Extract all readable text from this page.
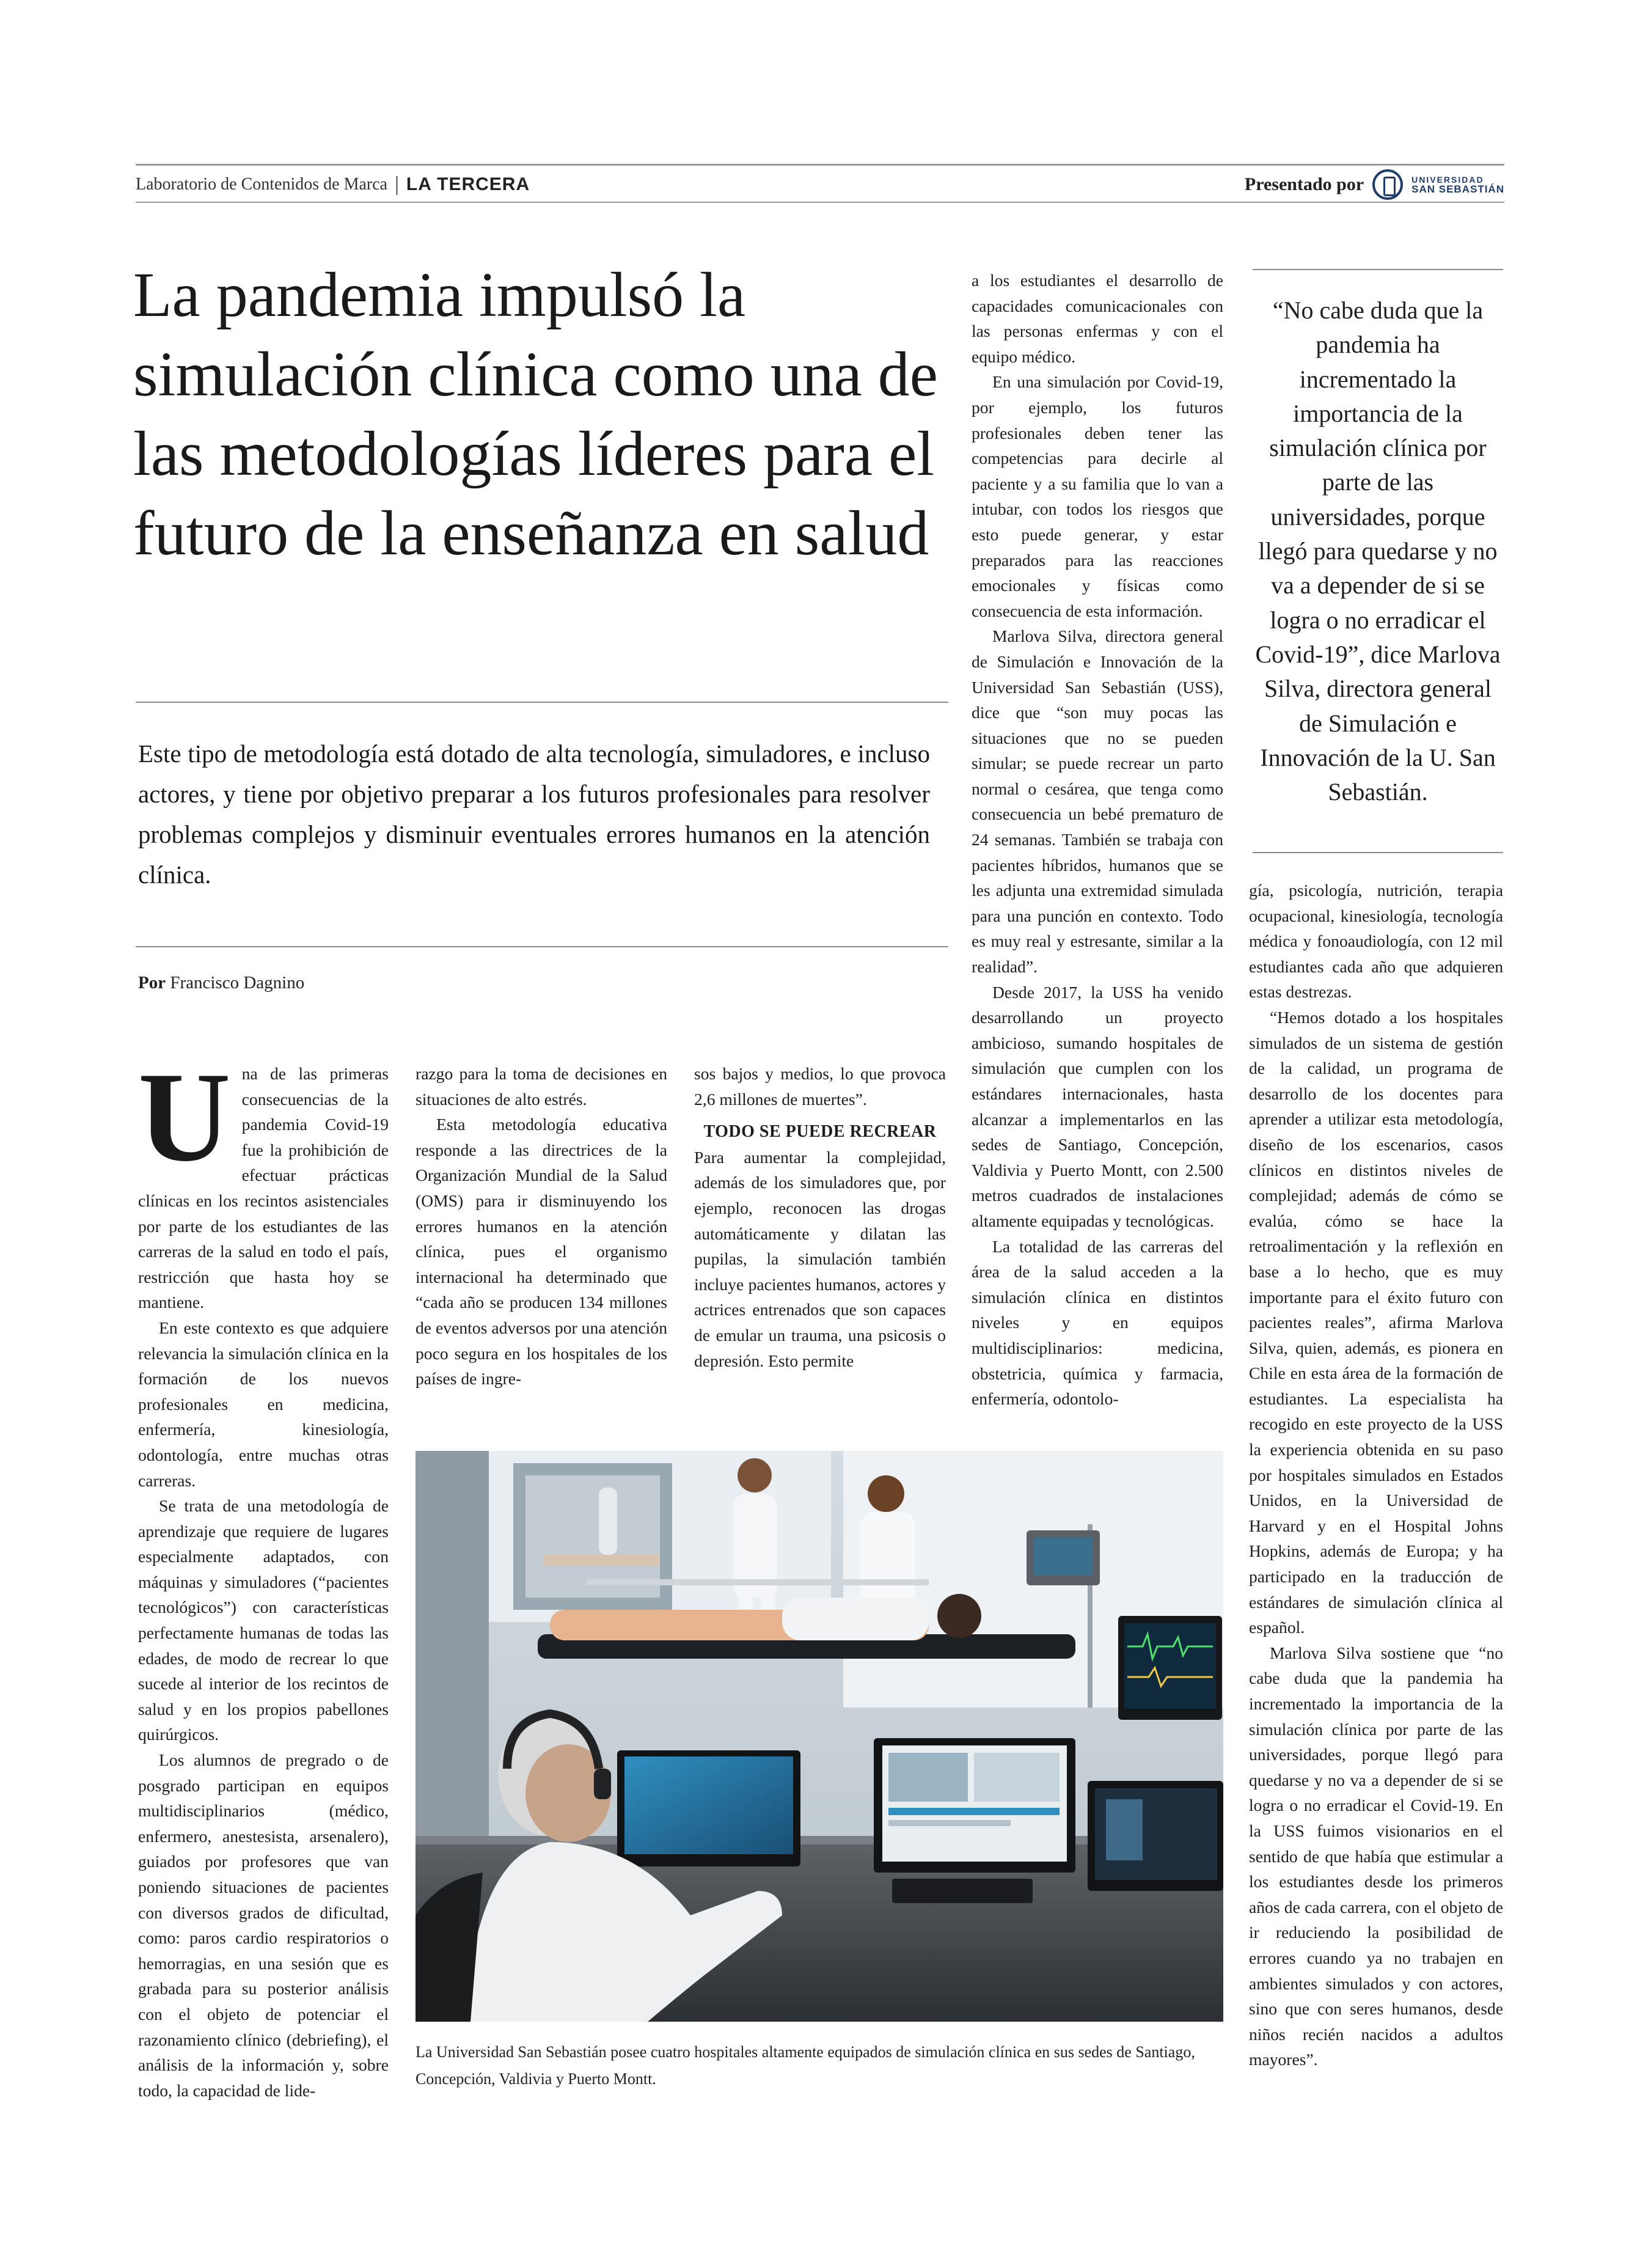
Laboratorio de Contenidos de Marca | LA TERCERA	Presentado por	UNIVERSIDAD
SAN SEBASTIÁN
La pandemia impulsó la simulación clínica como una de las metodologías líderes para el futuro de la enseñanza en salud

Este tipo de metodología está dotado de alta tecnología, simuladores, e incluso actores, y tiene por objetivo preparar a los futuros profesionales para resolver problemas complejos y disminuir eventuales errores humanos en la atención clínica.

Por Francisco Dagnino
U na de las primeras consecuencias de la pandemia Covid-19 fue la prohibición de efectuar prácticas clínicas en los recintos asistenciales por parte de los estudiantes de las carreras de la salud en todo el país, restricción que hasta hoy se mantiene.

En este contexto es que adquiere relevancia la simulación clínica en la formación de los nuevos profesionales en medicina, enfermería, kinesiología, odontología, entre muchas otras carreras.

Se trata de una metodología de aprendizaje que requiere de lugares especialmente adaptados, con máquinas y simuladores (“pacientes tecnológicos”) con características perfectamente humanas de todas las edades, de modo de recrear lo que sucede al interior de los recintos de salud y en los propios pabellones quirúrgicos.

Los alumnos de pregrado o de posgrado participan en equipos multidisciplinarios (médico, enfermero, anestesista, arsenalero), guiados por profesores que van poniendo situaciones de pacientes con diversos grados de dificultad, como: paros cardio respiratorios o hemorragias, en una sesión que es grabada para su posterior análisis con el objeto de potenciar el razonamiento clínico (debriefing), el análisis de la información y, sobre todo, la capacidad de lide-

razgo para la toma de decisiones en situaciones de alto estrés.

Esta metodología educativa responde a las directrices de la Organización Mundial de la Salud (OMS) para ir disminuyendo los errores humanos en la atención clínica, pues el organismo internacional ha determinado que “cada año se producen 134 millones de eventos adversos por una atención poco segura en los hospitales de los países de ingre-

sos bajos y medios, lo que provoca 2,6 millones de muertes”.

TODO SE PUEDE RECREAR

Para aumentar la complejidad, además de los simuladores que, por ejemplo, reconocen las drogas automáticamente y dilatan las pupilas, la simulación también incluye pacientes humanos, actores y actrices entrenados que son capaces de emular un trauma, una psicosis o depresión. Esto permite

a los estudiantes el desarrollo de capacidades comunicacionales con las personas enfermas y con el equipo médico.

En una simulación por Covid-19, por ejemplo, los futuros profesionales deben tener las competencias para decirle al paciente y a su familia que lo van a intubar, con todos los riesgos que esto puede generar, y estar preparados para las reacciones emocionales y físicas como consecuencia de esta información.

Marlova Silva, directora general de Simulación e Innovación de la Universidad San Sebastián (USS), dice que “son muy pocas las situaciones que no se pueden simular; se puede recrear un parto normal o cesárea, que tenga como consecuencia un bebé prematuro de 24 semanas. También se trabaja con pacientes híbridos, humanos que se les adjunta una extremidad simulada para una punción en contexto. Todo es muy real y estresante, similar a la realidad”.

Desde 2017, la USS ha venido desarrollando un proyecto ambicioso, sumando hospitales de simulación que cumplen con los estándares internacionales, hasta alcanzar a implementarlos en las sedes de Santiago, Concepción, Valdivia y Puerto Montt, con 2.500 metros cuadrados de instalaciones altamente equipadas y tecnológicas.

La totalidad de las carreras del área de la salud acceden a la simulación clínica en distintos niveles y en equipos multidisciplinarios: medicina, obstetricia, química y farmacia, enfermería, odontolo-

“No cabe duda que la pandemia ha incrementado la importancia de la simulación clínica por parte de las universidades, porque llegó para quedarse y no va a depender de si se logra o no erradicar el Covid-19”, dice Marlova Silva, directora general de Simulación e Innovación de la U. San Sebastián.

gía, psicología, nutrición, terapia ocupacional, kinesiología, tecnología médica y fonoaudiología, con 12 mil estudiantes cada año que adquieren estas destrezas.

“Hemos dotado a los hospitales simulados de un sistema de gestión de la calidad, un programa de desarrollo de los docentes para aprender a utilizar esta metodología, diseño de los escenarios, casos clínicos en distintos niveles de complejidad; además de cómo se evalúa, cómo se hace la retroalimentación y la reflexión en base a lo hecho, que es muy importante para el éxito futuro con pacientes reales”, afirma Marlova Silva, quien, además, es pionera en Chile en esta área de la formación de estudiantes. La especialista ha recogido en este proyecto de la USS la experiencia obtenida en su paso por hospitales simulados en Estados Unidos, en la Universidad de Harvard y en el Hospital Johns Hopkins, además de Europa; y ha participado en la traducción de estándares de simulación clínica al español.

Marlova Silva sostiene que “no cabe duda que la pandemia ha incrementado la importancia de la simulación clínica por parte de las universidades, porque llegó para quedarse y no va a depender de si se logra o no erradicar el Covid-19. En la USS fuimos visionarios en el sentido de que había que estimular a los estudiantes desde los primeros años de cada carrera, con el objeto de ir reduciendo la posibilidad de errores cuando ya no trabajen en ambientes simulados y con actores, sino que con seres humanos, desde niños recién nacidos a adultos mayores”.

La Universidad San Sebastián posee cuatro hospitales altamente equipados de simulación clínica en sus sedes de Santiago, Concepción, Valdivia y Puerto Montt.
